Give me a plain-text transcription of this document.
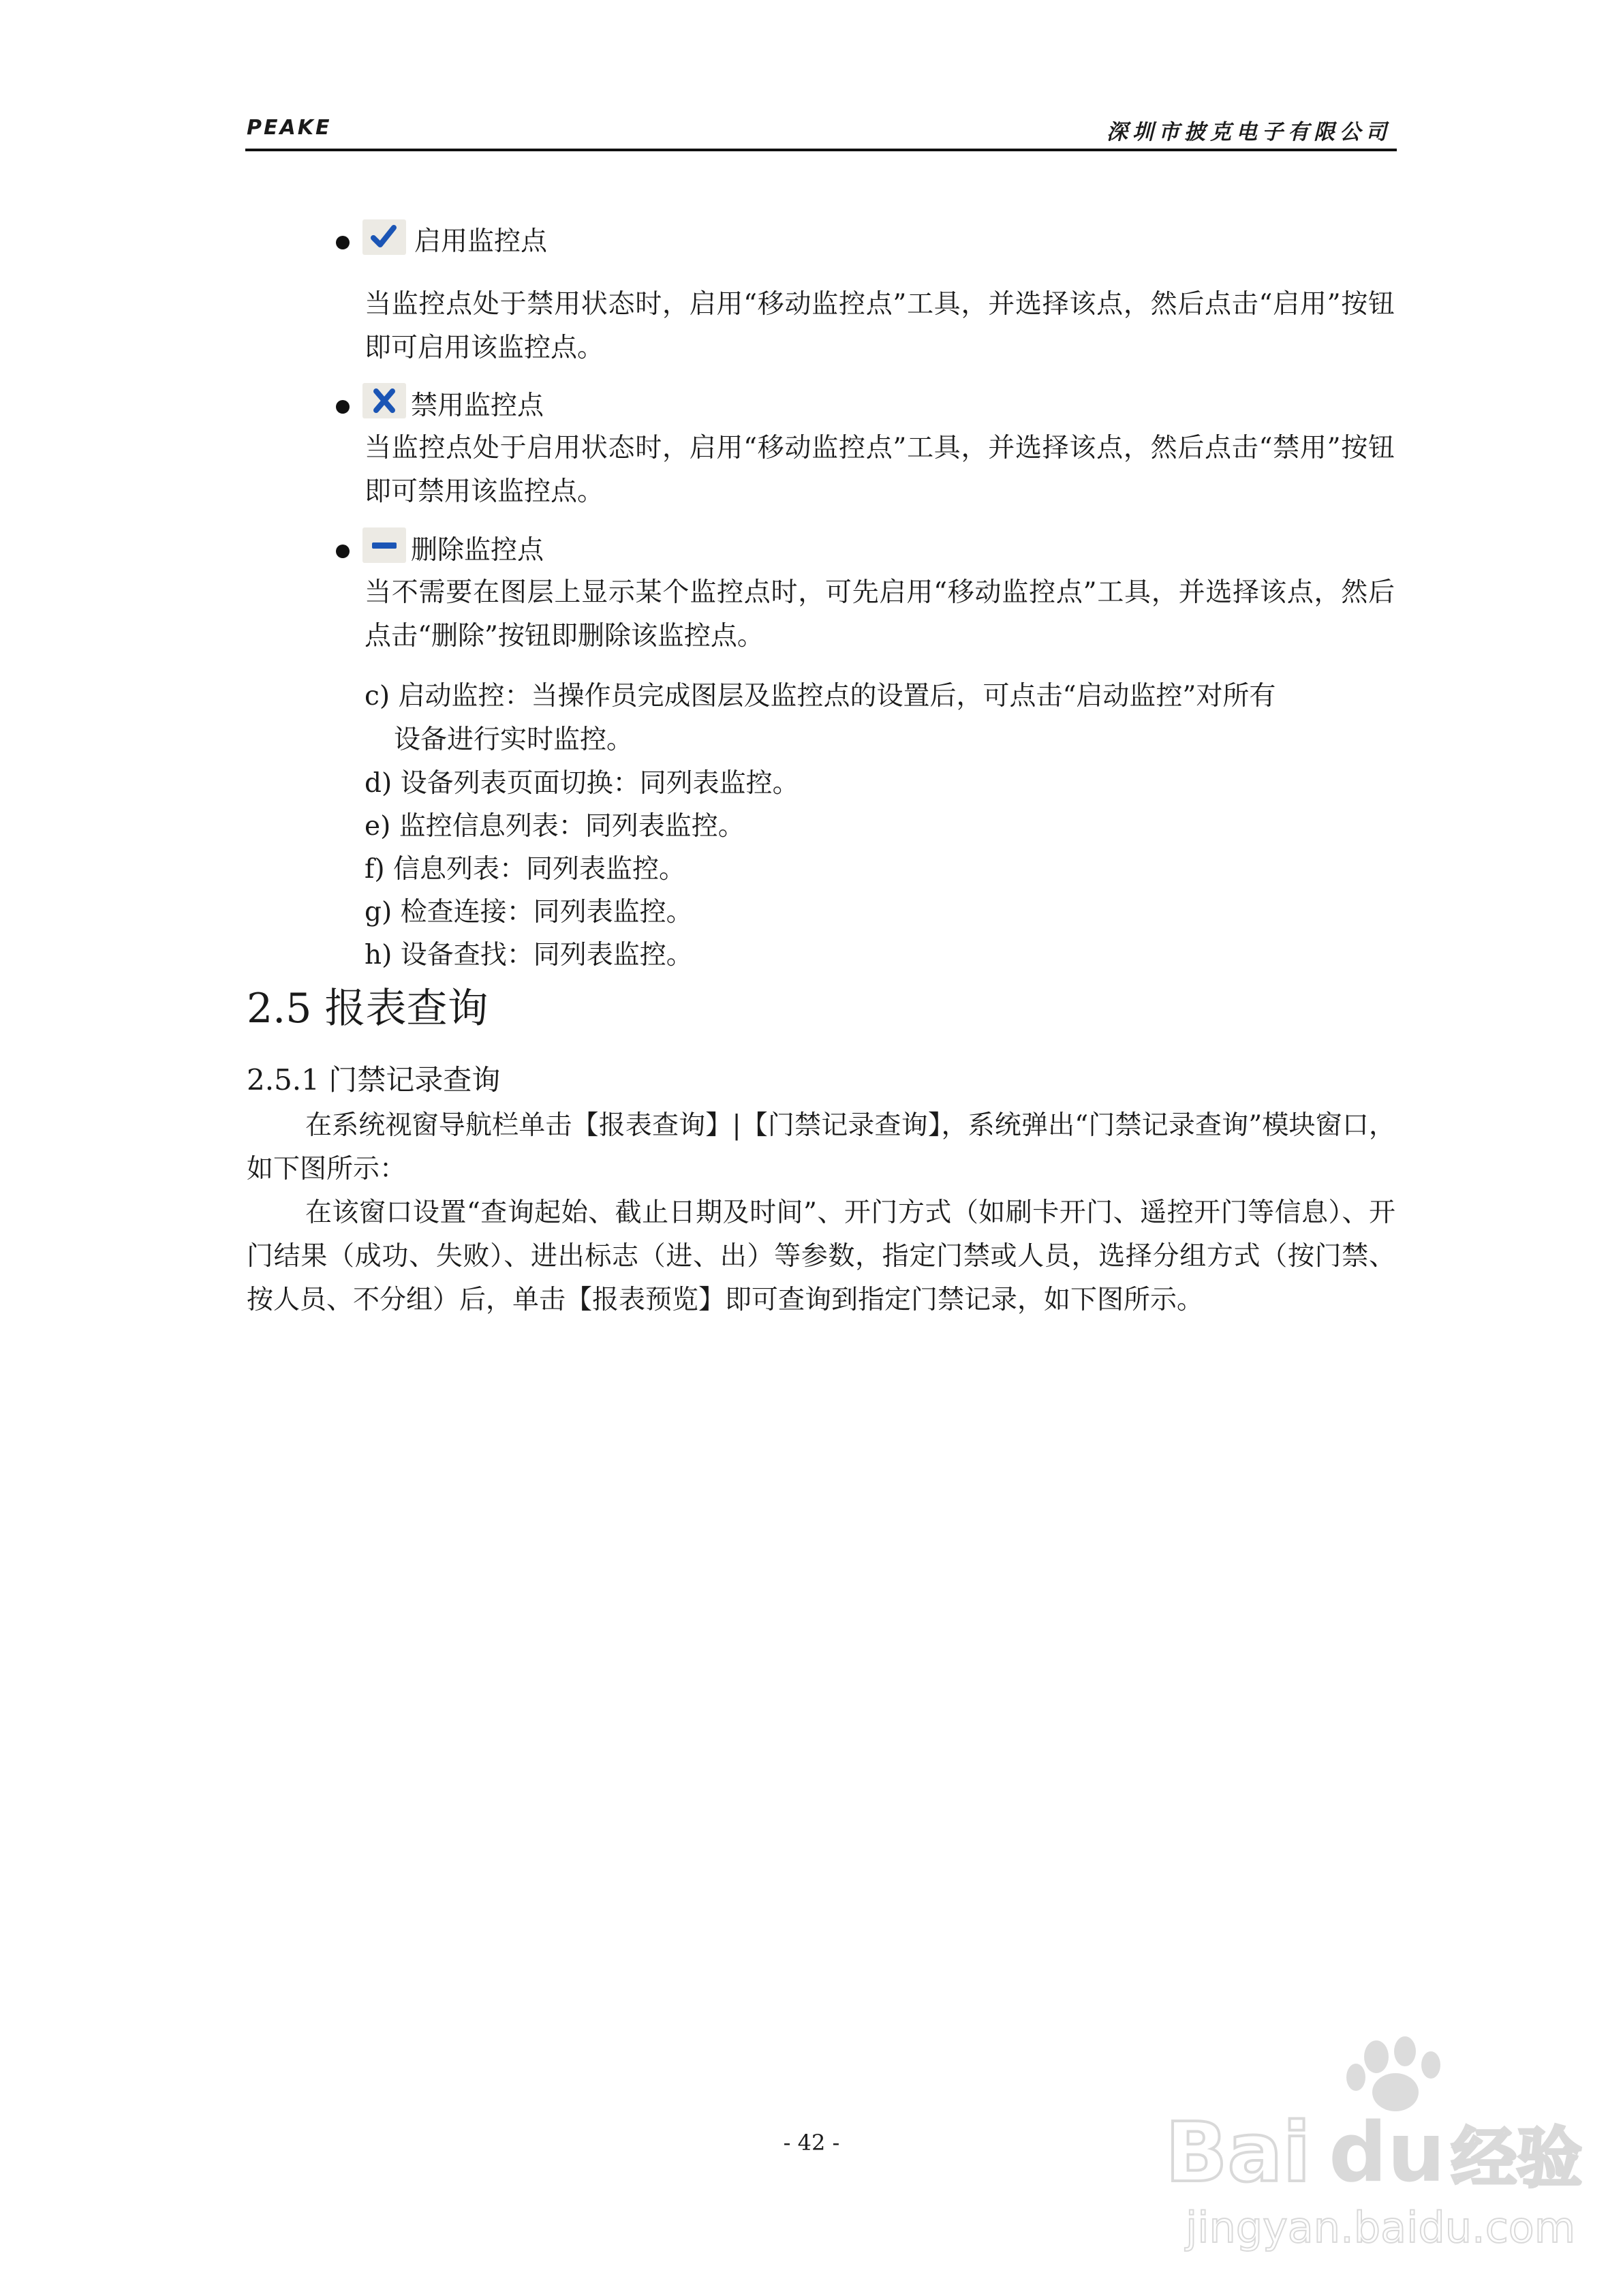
PEAKE	深圳市披克电子有限公司
启用监控点
当监控点处于禁用状态时，启用“移动监控点”工具，并选择该点，然后点击“启用”按钮即可启用该监控点。
禁用监控点
当监控点处于启用状态时，启用“移动监控点”工具，并选择该点，然后点击“禁用”按钮即可禁用该监控点。
删除监控点
当不需要在图层上显示某个监控点时，可先启用“移动监控点”工具，并选择该点，然后点击“删除”按钮即删除该监控点。
c) 启动监控：当操作员完成图层及监控点的设置后，可点击“启动监控”对所有
设备进行实时监控。
d) 设备列表页面切换：同列表监控。
e) 监控信息列表：同列表监控。
f) 信息列表：同列表监控。
g) 检查连接：同列表监控。
h) 设备查找：同列表监控。
2.5 报表查询
2.5.1 门禁记录查询
在系统视窗导航栏单击【报表查询】|【门禁记录查询】，系统弹出“门禁记录查询”模块窗口，如下图所示：
在该窗口设置“查询起始、截止日期及时间”、开门方式（如刷卡开门、遥控开门等信息）、开门结果（成功、失败）、进出标志（进、出）等参数，指定门禁或人员，选择分组方式（按门禁、按人员、不分组）后，单击【报表预览】即可查询到指定门禁记录，如下图所示。
- 42 -	Bai du 经验
jingyan.baidu.com
